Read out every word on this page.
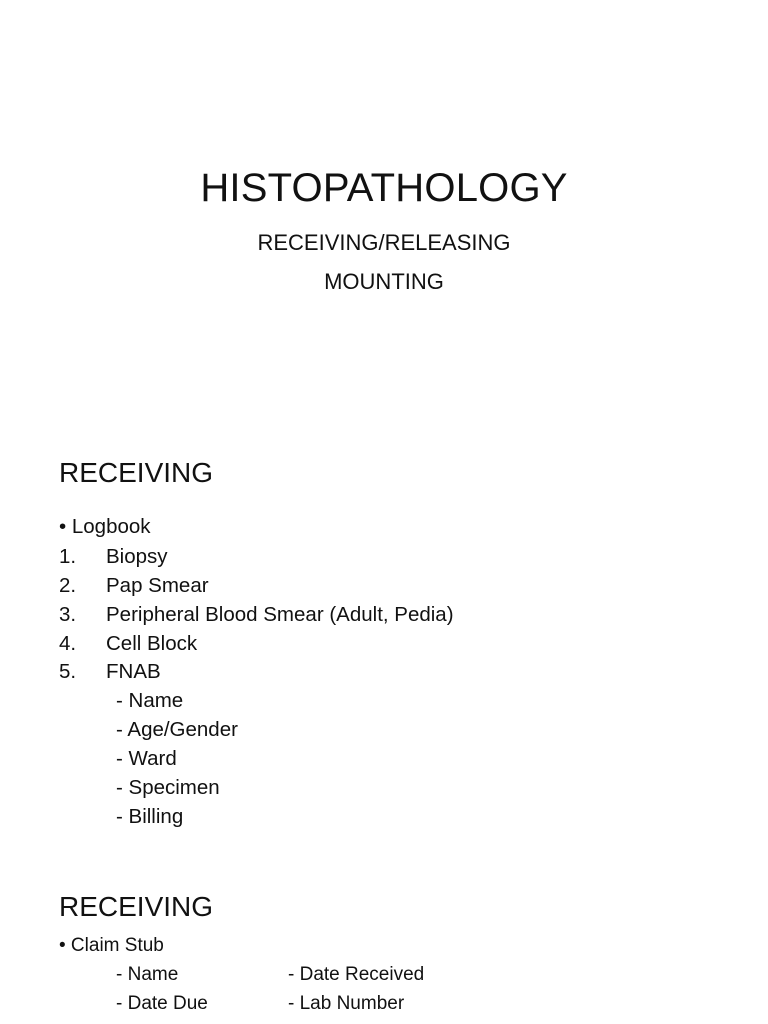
HISTOPATHOLOGY
RECEIVING/RELEASING
MOUNTING
RECEIVING
• Logbook
1. Biopsy
2. Pap Smear
3. Peripheral Blood Smear (Adult, Pedia)
4. Cell Block
5. FNAB
- Name
- Age/Gender
- Ward
- Specimen
- Billing
RECEIVING
• Claim Stub
- Name	- Date Received
- Date Due	- Lab Number
